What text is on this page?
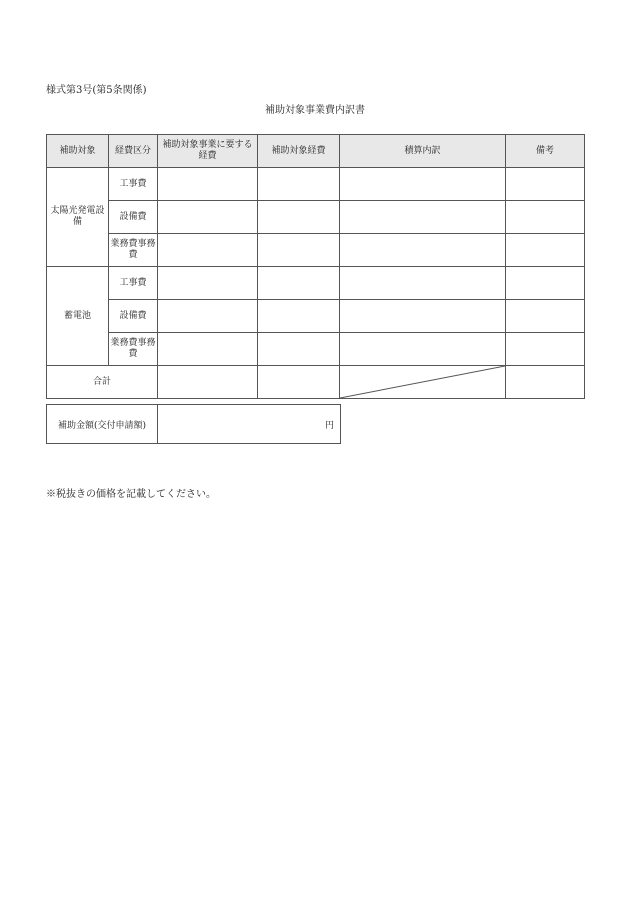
様式第3号(第5条関係)
補助対象事業費内訳書
補助対象	経費区分	補助対象事業に要する経費	補助対象経費	積算内訳	備考
太陽光発電設備	工事費				
	設備費				
	業務費事務費				
蓄電池	工事費				
	設備費				
	業務費事務費				
合計			

補助金額(交付申請額)	円
※税抜きの価格を記載してください。
